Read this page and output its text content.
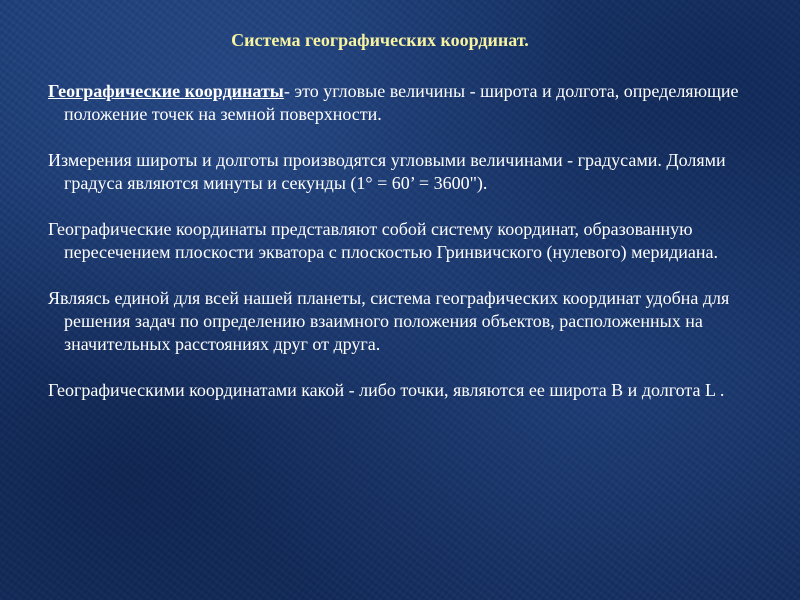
Система географических координат.

Географические координаты- это угловые величины - широта и долгота, определяющие положение точек на земной поверхности.

Измерения широты и долготы производятся угловыми величинами - градусами. Долями градуса являются минуты и секунды (1° = 60’ = 3600").

Географические координаты представляют собой систему координат, образованную пересечением плоскости экватора с плоскостью Гринвичского (нулевого) меридиана.

Являясь единой для всей нашей планеты, система географических координат удобна для решения задач по определению взаимного положения объектов, расположенных на значительных расстояниях друг от друга.

Географическими координатами какой - либо точки, являются ее широта В и долгота L .
